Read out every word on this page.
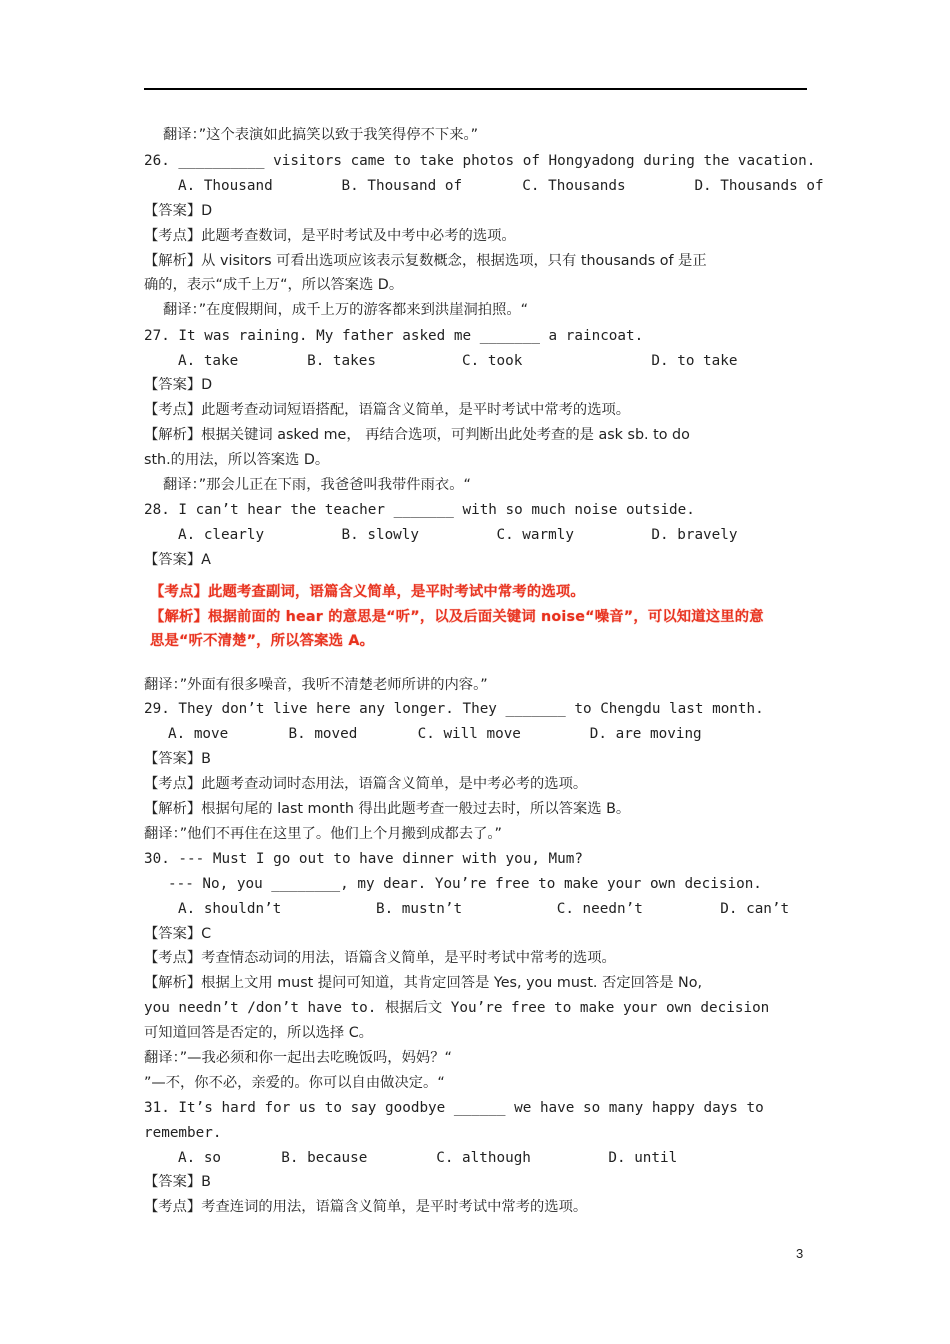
翻译：”这个表演如此搞笑以致于我笑得停不下来。”
26. __________ visitors came to take photos of Hongyadong during the vacation.
A. Thousand        B. Thousand of       C. Thousands        D. Thousands of
【答案】D
【考点】此题考查数词，是平时考试及中考中必考的选项。
【解析】从 visitors 可看出选项应该表示复数概念，根据选项，只有 thousands of 是正
确的，表示“成千上万“，所以答案选 D。
翻译：”在度假期间，成千上万的游客都来到洪崖洞拍照。“
27. It was raining. My father asked me _______ a raincoat.
A. take        B. takes          C. took               D. to take
【答案】D
【考点】此题考查动词短语搭配，语篇含义简单，是平时考试中常考的选项。
【解析】根据关键词 asked me， 再结合选项，可判断出此处考查的是 ask sb. to do
sth.的用法，所以答案选 D。
翻译：”那会儿正在下雨，我爸爸叫我带件雨衣。“
28. I can’t hear the teacher _______ with so much noise outside.
A. clearly         B. slowly         C. warmly         D. bravely
【答案】A
【考点】此题考查副词，语篇含义简单，是平时考试中常考的选项。
【解析】根据前面的 hear 的意思是“听”，以及后面关键词 noise“噪音”，可以知道这里的意
思是“听不清楚”，所以答案选 A。
翻译：”外面有很多噪音，我听不清楚老师所讲的内容。”
29. They don’t live here any longer. They _______ to Chengdu last month.
A. move       B. moved       C. will move        D. are moving
【答案】B
【考点】此题考查动词时态用法，语篇含义简单，是中考必考的选项。
【解析】根据句尾的 last month 得出此题考查一般过去时，所以答案选 B。
翻译：”他们不再住在这里了。他们上个月搬到成都去了。”
30. --- Must I go out to have dinner with you, Mum?
--- No, you ________, my dear. You’re free to make your own decision.
A. shouldn’t           B. mustn’t           C. needn’t         D. can’t
【答案】C
【考点】考查情态动词的用法，语篇含义简单，是平时考试中常考的选项。
【解析】根据上文用 must 提问可知道，其肯定回答是 Yes, you must. 否定回答是 No,
you needn’t /don’t have to. 根据后文 You’re free to make your own decision
可知道回答是否定的，所以选择 C。
翻译：”—我必须和你一起出去吃晚饭吗，妈妈？“
”—不，你不必，亲爱的。你可以自由做决定。“
31. It’s hard for us to say goodbye ______ we have so many happy days to
remember.
A. so       B. because        C. although         D. until
【答案】B
【考点】考查连词的用法，语篇含义简单，是平时考试中常考的选项。
3
